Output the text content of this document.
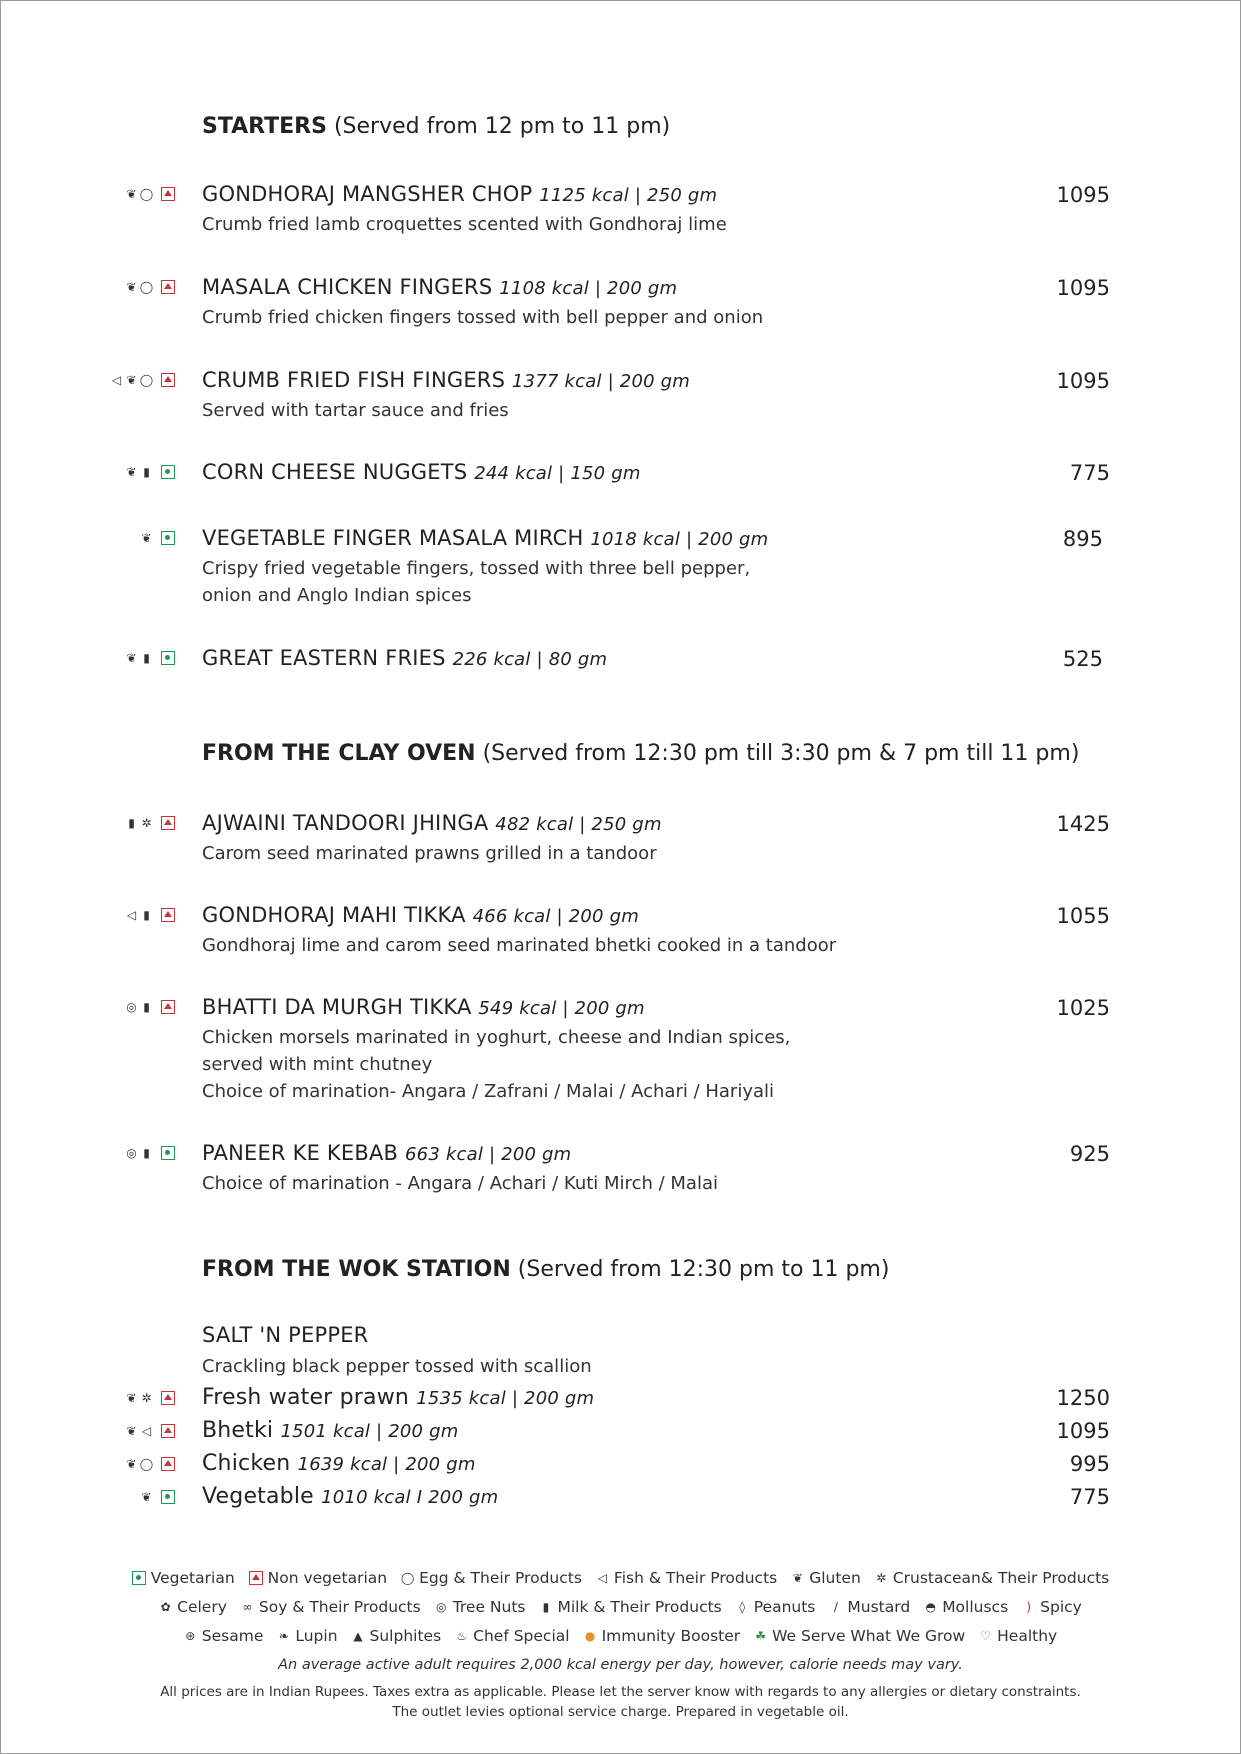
STARTERS (Served from 12 pm to 11 pm)
❦ ◯ GONDHORAJ MANGSHER CHOP 1125 kcal | 250 gm	1095
Crumb fried lamb croquettes scented with Gondhoraj lime
❦ ◯ MASALA CHICKEN FINGERS 1108 kcal | 200 gm	1095
Crumb fried chicken fingers tossed with bell pepper and onion
◁ ❦ ◯ CRUMB FRIED FISH FINGERS 1377 kcal | 200 gm	1095
Served with tartar sauce and fries
❦ ▮ CORN CHEESE NUGGETS 244 kcal | 150 gm	775
❦ VEGETABLE FINGER MASALA MIRCH 1018 kcal | 200 gm	895
Crispy fried vegetable fingers, tossed with three bell pepper,
onion and Anglo Indian spices
❦ ▮ GREAT EASTERN FRIES 226 kcal | 80 gm	525
FROM THE CLAY OVEN (Served from 12:30 pm till 3:30 pm & 7 pm till 11 pm)
▮ ✲ AJWAINI TANDOORI JHINGA 482 kcal | 250 gm	1425
Carom seed marinated prawns grilled in a tandoor
◁ ▮ GONDHORAJ MAHI TIKKA 466 kcal | 200 gm	1055
Gondhoraj lime and carom seed marinated bhetki cooked in a tandoor
◎ ▮ BHATTI DA MURGH TIKKA 549 kcal | 200 gm	1025
Chicken morsels marinated in yoghurt, cheese and Indian spices,
served with mint chutney
Choice of marination- Angara / Zafrani / Malai / Achari / Hariyali
◎ ▮ PANEER KE KEBAB 663 kcal | 200 gm	925
Choice of marination - Angara / Achari / Kuti Mirch / Malai
FROM THE WOK STATION (Served from 12:30 pm to 11 pm)
SALT 'N PEPPER
Crackling black pepper tossed with scallion
❦ ✲ Fresh water prawn 1535 kcal | 200 gm	1250
❦ ◁ Bhetki 1501 kcal | 200 gm	1095
❦ ◯ Chicken 1639 kcal | 200 gm	995
❦ Vegetable 1010 kcal I 200 gm	775
Vegetarian Non vegetarian ◯ Egg & Their Products ◁ Fish & Their Products ❦ Gluten ✲ Crustacean& Their Products
✿ Celery ∞ Soy & Their Products ◎ Tree Nuts ▮ Milk & Their Products ◊ Peanuts	/ Mustard ◓ Molluscs	) Spicy
⊛ Sesame ❧ Lupin ▲ Sulphites ♨ Chef Special ● Immunity Booster ☘ We Serve What We Grow ♡ Healthy
An average active adult requires 2,000 kcal energy per day, however, calorie needs may vary.
All prices are in Indian Rupees. Taxes extra as applicable. Please let the server know with regards to any allergies or dietary constraints.
The outlet levies optional service charge. Prepared in vegetable oil.
